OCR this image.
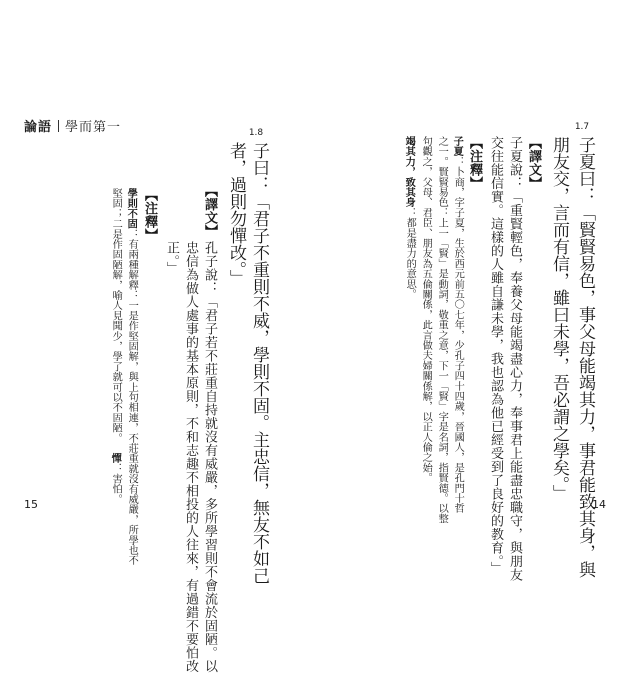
論語 學而第一	1.8
子曰：「君子不重則不威，學則不固。主忠信，無友不如己
者，過則勿憚改。」
【譯文】
孔子說：「君子若不莊重自持就沒有威嚴，多所學習則不會流於固陋。以
忠信為做人處事的基本原則，不和志趣不相投的人往來，有過錯不要怕改
正。」
【注釋】
學則不固：有兩種解釋：一是作堅固解，與上句相連，不莊重就沒有威嚴，所學也不
堅固；二是作固陋解，喻人見聞少，學了就可以不固陋。憚：害怕。
15
1.7
子夏曰：「賢賢易色，事父母能竭其力，事君能致其身，與
朋友交，言而有信，雖曰未學，吾必謂之學矣。」
【譯文】
子夏說：「重賢輕色，奉養父母能竭盡心力，奉事君上能盡忠職守，與朋友
交往能信實。這樣的人雖自謙未學，我也認為他已經受到了良好的教育。」
【注釋】
子夏：卜商，字子夏，生於西元前五〇七年，少孔子四十四歲，晉國人，是孔門十哲
之一。賢賢易色：上一「賢」是動詞，敬重之意，下一「賢」字是名詞，指賢德。以整
句觀之，父母、君臣、朋友為五倫關係，此言做夫婦關係解，以正人倫之始。
竭其力，致其身：都是盡力的意思。
14
